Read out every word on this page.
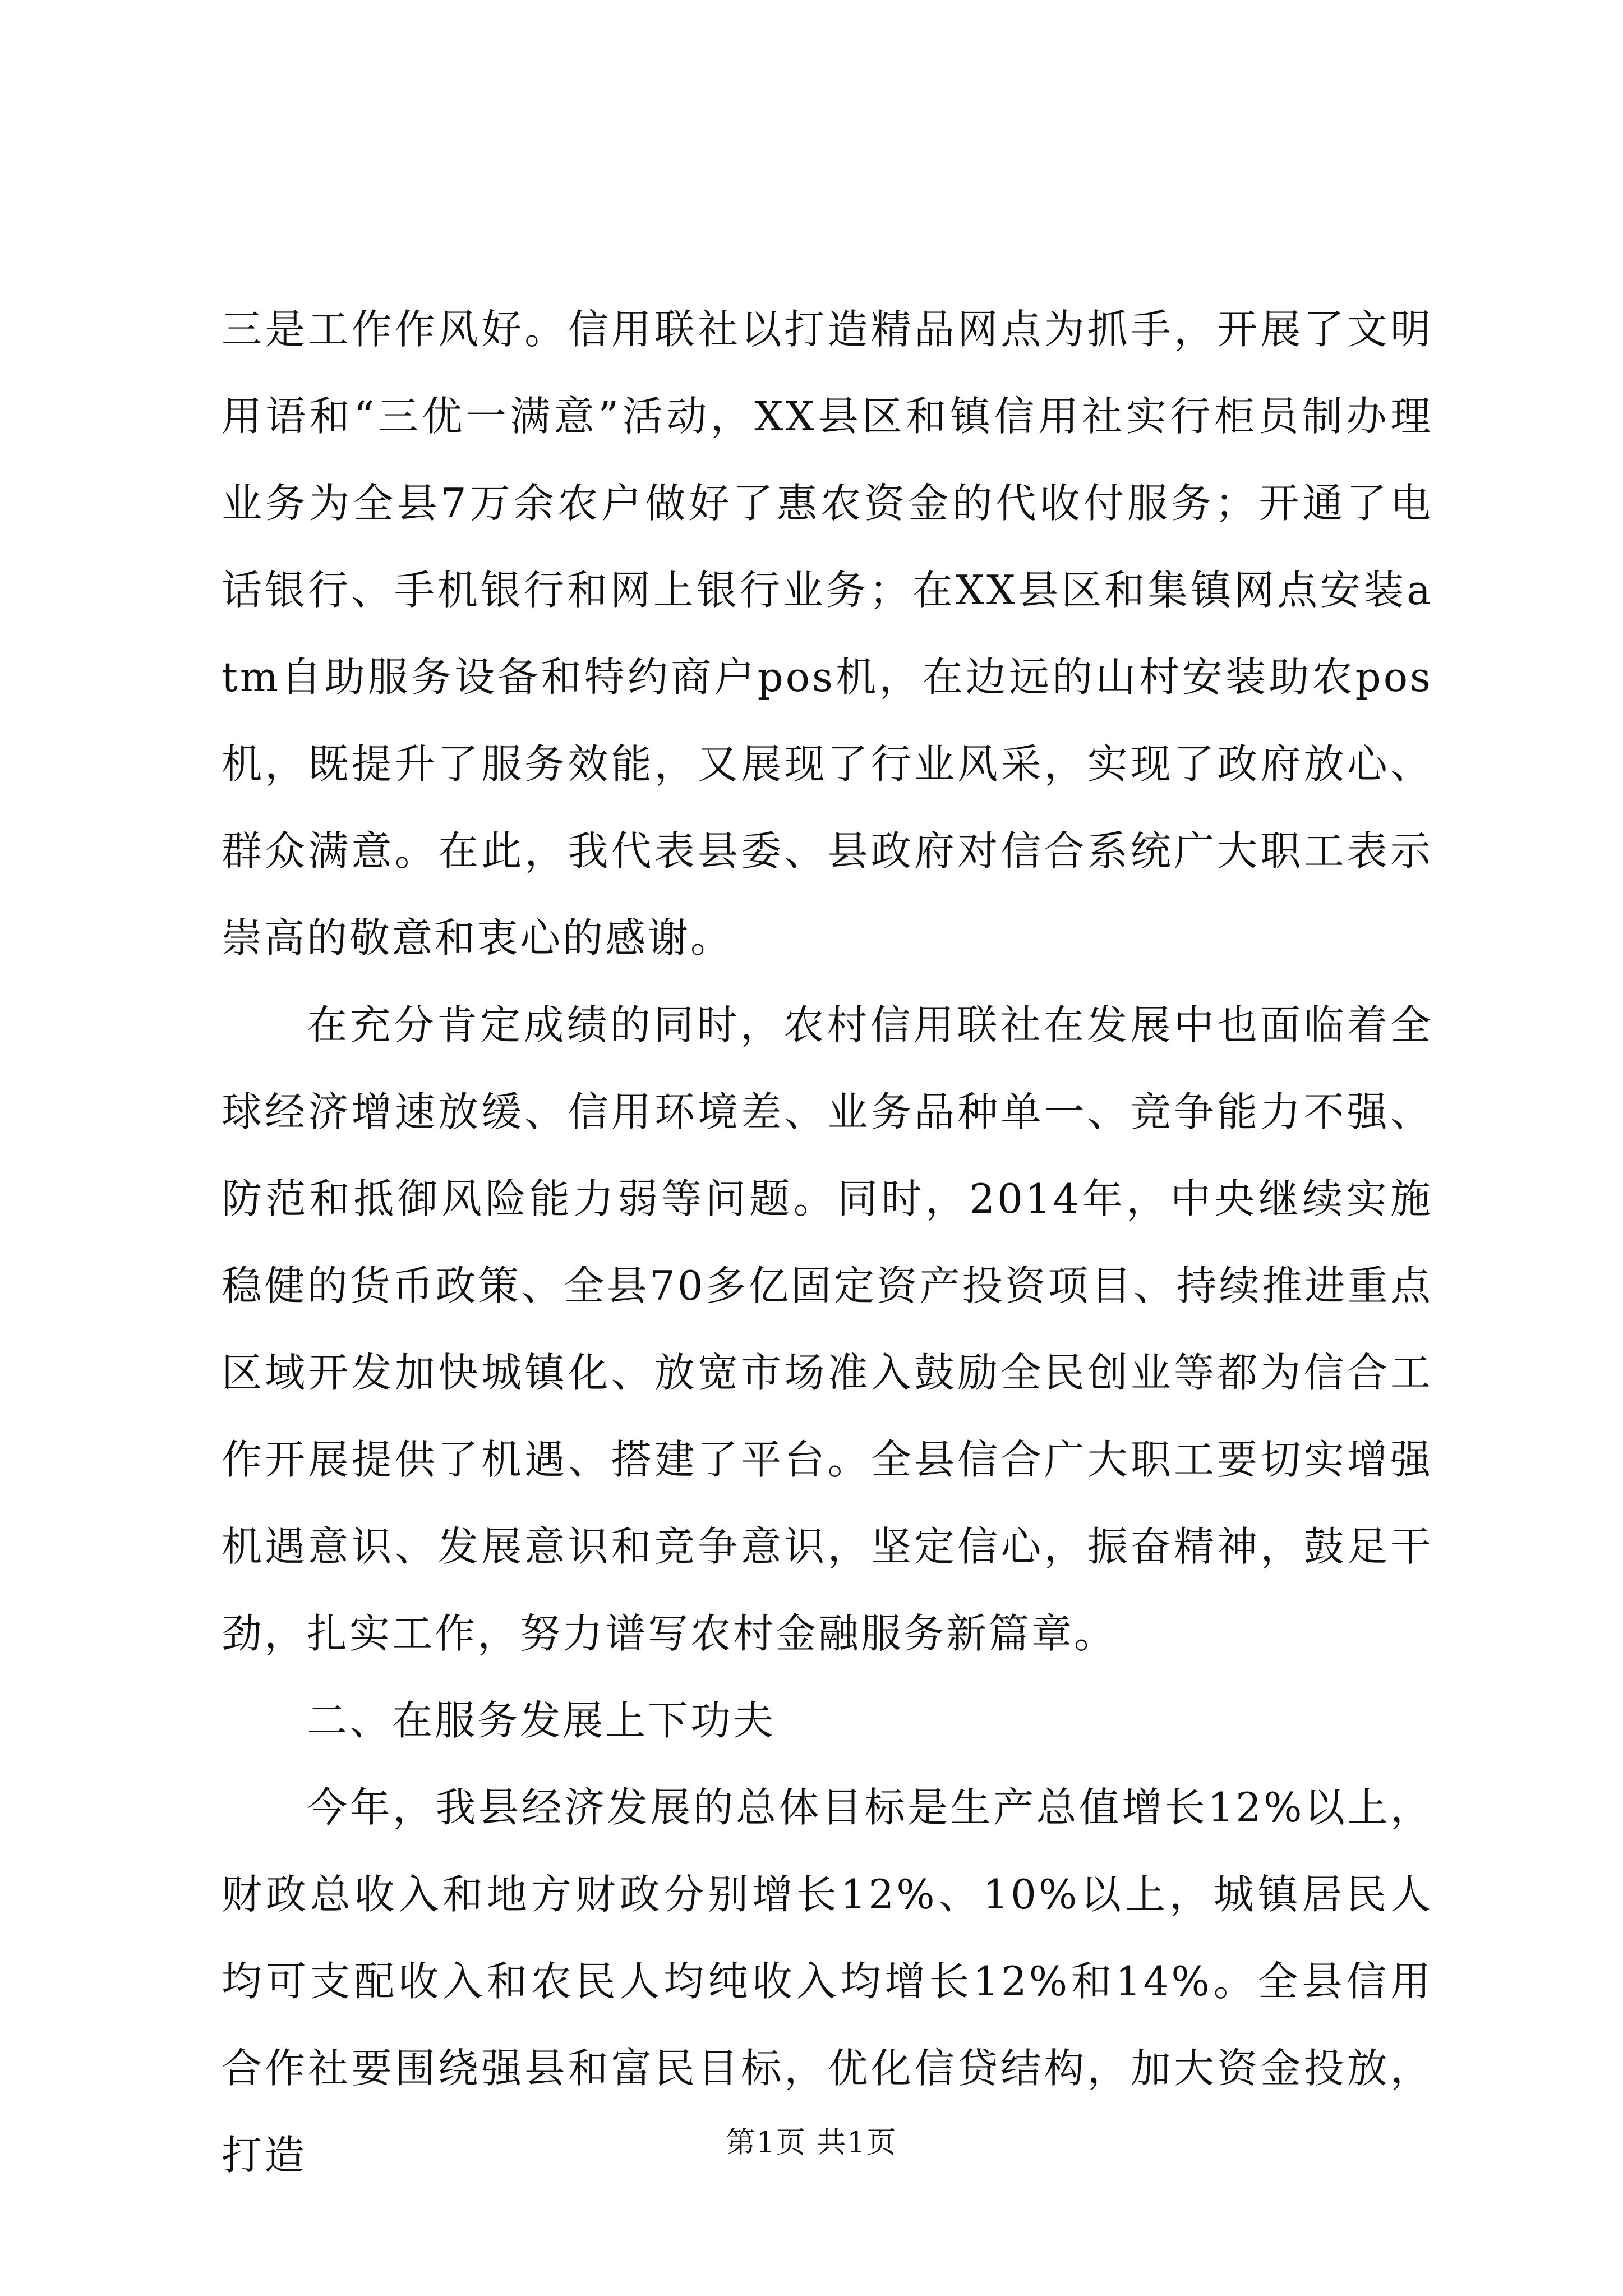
三是工作作风好。信用联社以打造精品网点为抓手，开展了文明用语和“三优一满意”活动，XX县区和镇信用社实行柜员制办理业务为全县7万余农户做好了惠农资金的代收付服务；开通了电话银行、手机银行和网上银行业务；在XX县区和集镇网点安装atm自助服务设备和特约商户pos机，在边远的山村安装助农pos机，既提升了服务效能，又展现了行业风采，实现了政府放心、群众满意。在此，我代表县委、县政府对信合系统广大职工表示崇高的敬意和衷心的感谢。

在充分肯定成绩的同时，农村信用联社在发展中也面临着全球经济增速放缓、信用环境差、业务品种单一、竞争能力不强、防范和抵御风险能力弱等问题。同时，2014年，中央继续实施稳健的货币政策、全县70多亿固定资产投资项目、持续推进重点区域开发加快城镇化、放宽市场准入鼓励全民创业等都为信合工作开展提供了机遇、搭建了平台。全县信合广大职工要切实增强机遇意识、发展意识和竞争意识，坚定信心，振奋精神，鼓足干劲，扎实工作，努力谱写农村金融服务新篇章。

二、在服务发展上下功夫

今年，我县经济发展的总体目标是生产总值增长12%以上，财政总收入和地方财政分别增长12%、10%以上，城镇居民人均可支配收入和农民人均纯收入均增长12%和14%。全县信用合作社要围绕强县和富民目标，优化信贷结构，加大资金投放，打造	第1页 共1页
